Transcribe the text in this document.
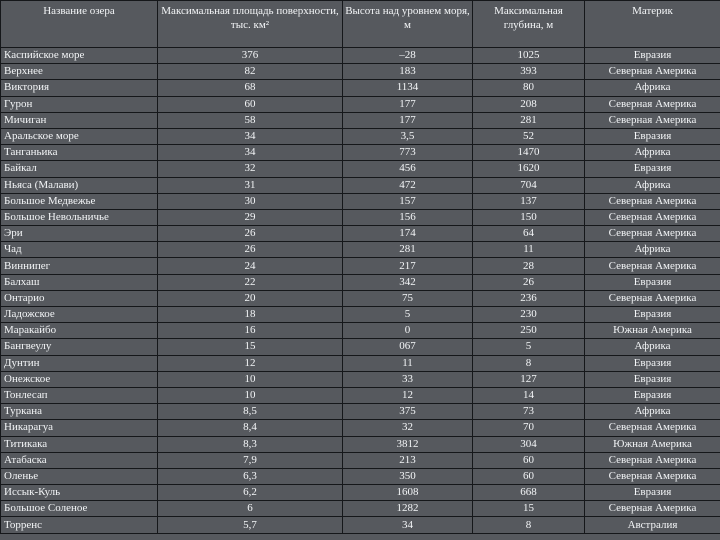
Название озера	Максимальная площадь поверхности, тыс. км²	Высота над уровнем моря, м	Максимальная глубина, м	Материк
Каспийское море	376	–28	1025	Евразия
Верхнее	82	183	393	Северная Америка
Виктория	68	1134	80	Африка
Гурон	60	177	208	Северная Америка
Мичиган	58	177	281	Северная Америка
Аральское море	34	3,5	52	Евразия
Танганьика	34	773	1470	Африка
Байкал	32	456	1620	Евразия
Ньяса (Малави)	31	472	704	Африка
Большое Медвежье	30	157	137	Северная Америка
Большое Невольничье	29	156	150	Северная Америка
Эри	26	174	64	Северная Америка
Чад	26	281	11	Африка
Виннипег	24	217	28	Северная Америка
Балхаш	22	342	26	Евразия
Онтарио	20	75	236	Северная Америка
Ладожское	18	5	230	Евразия
Маракайбо	16	0	250	Южная Америка
Бангвеулу	15	067	5	Африка
Дунтин	12	11	8	Евразия
Онежское	10	33	127	Евразия
Тонлесап	10	12	14	Евразия
Туркана	8,5	375	73	Африка
Никарагуа	8,4	32	70	Северная Америка
Титикака	8,3	3812	304	Южная Америка
Атабаска	7,9	213	60	Северная Америка
Оленье	6,3	350	60	Северная Америка
Иссык-Куль	6,2	1608	668	Евразия
Большое Соленое	6	1282	15	Северная Америка
Торренс	5,7	34	8	Австралия
